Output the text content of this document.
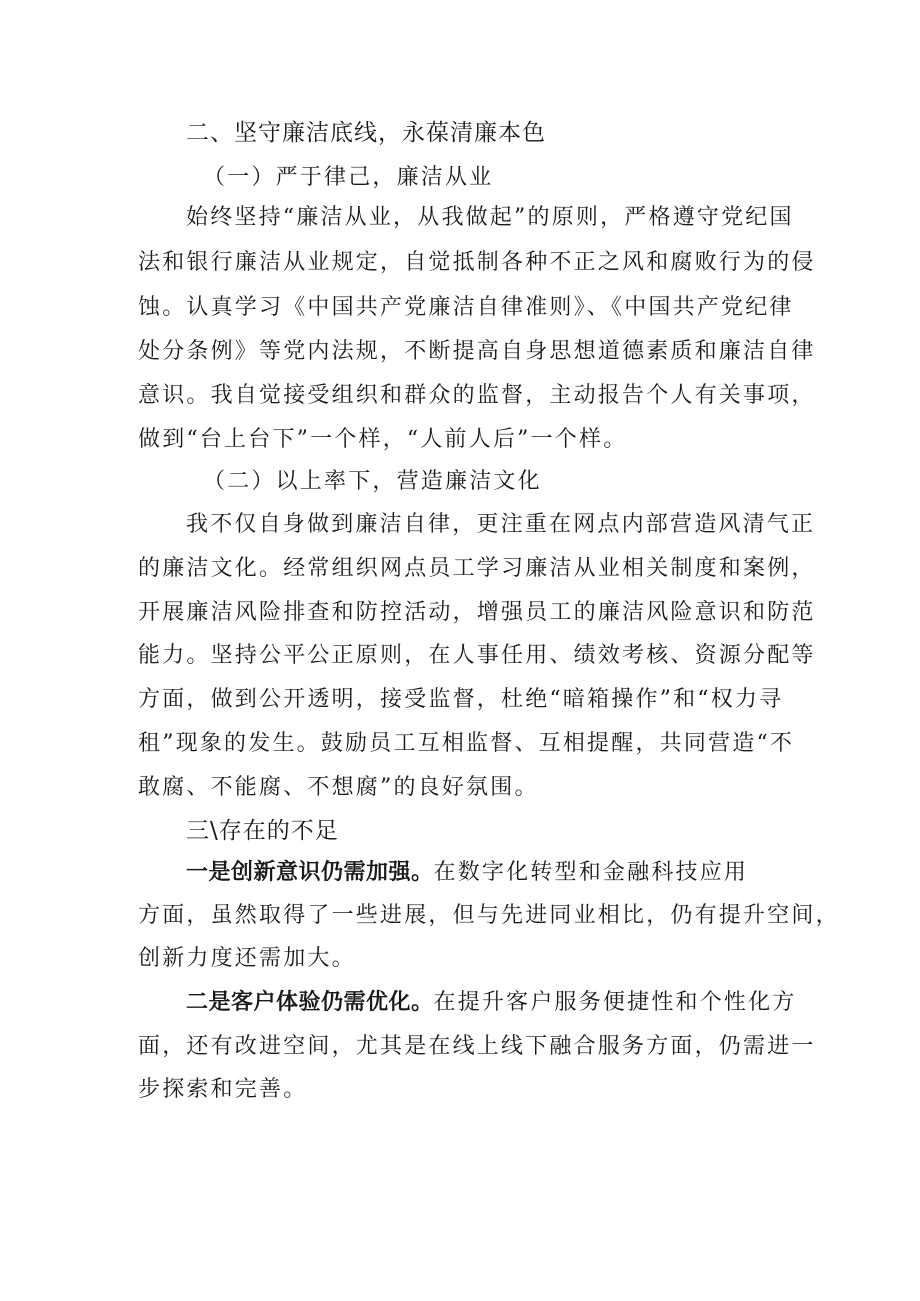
二、坚守廉洁底线，永葆清廉本色
（一）严于律己，廉洁从业
始终坚持“廉洁从业，从我做起”的原则，严格遵守党纪国
法和银行廉洁从业规定，自觉抵制各种不正之风和腐败行为的侵
蚀。认真学习《中国共产党廉洁自律准则》、《中国共产党纪律
处分条例》等党内法规，不断提高自身思想道德素质和廉洁自律
意识。我自觉接受组织和群众的监督，主动报告个人有关事项，
做到“台上台下”一个样，“人前人后”一个样。
（二）以上率下，营造廉洁文化
我不仅自身做到廉洁自律，更注重在网点内部营造风清气正
的廉洁文化。经常组织网点员工学习廉洁从业相关制度和案例，
开展廉洁风险排查和防控活动，增强员工的廉洁风险意识和防范
能力。坚持公平公正原则，在人事任用、绩效考核、资源分配等
方面，做到公开透明，接受监督，杜绝“暗箱操作”和“权力寻
租”现象的发生。鼓励员工互相监督、互相提醒，共同营造“不
敢腐、不能腐、不想腐”的良好氛围。
三\存在的不足
一是创新意识仍需加强。在数字化转型和金融科技应用
方面，虽然取得了一些进展，但与先进同业相比，仍有提升空间，
创新力度还需加大。
二是客户体验仍需优化。在提升客户服务便捷性和个性化方
面，还有改进空间，尤其是在线上线下融合服务方面，仍需进一
步探索和完善。
